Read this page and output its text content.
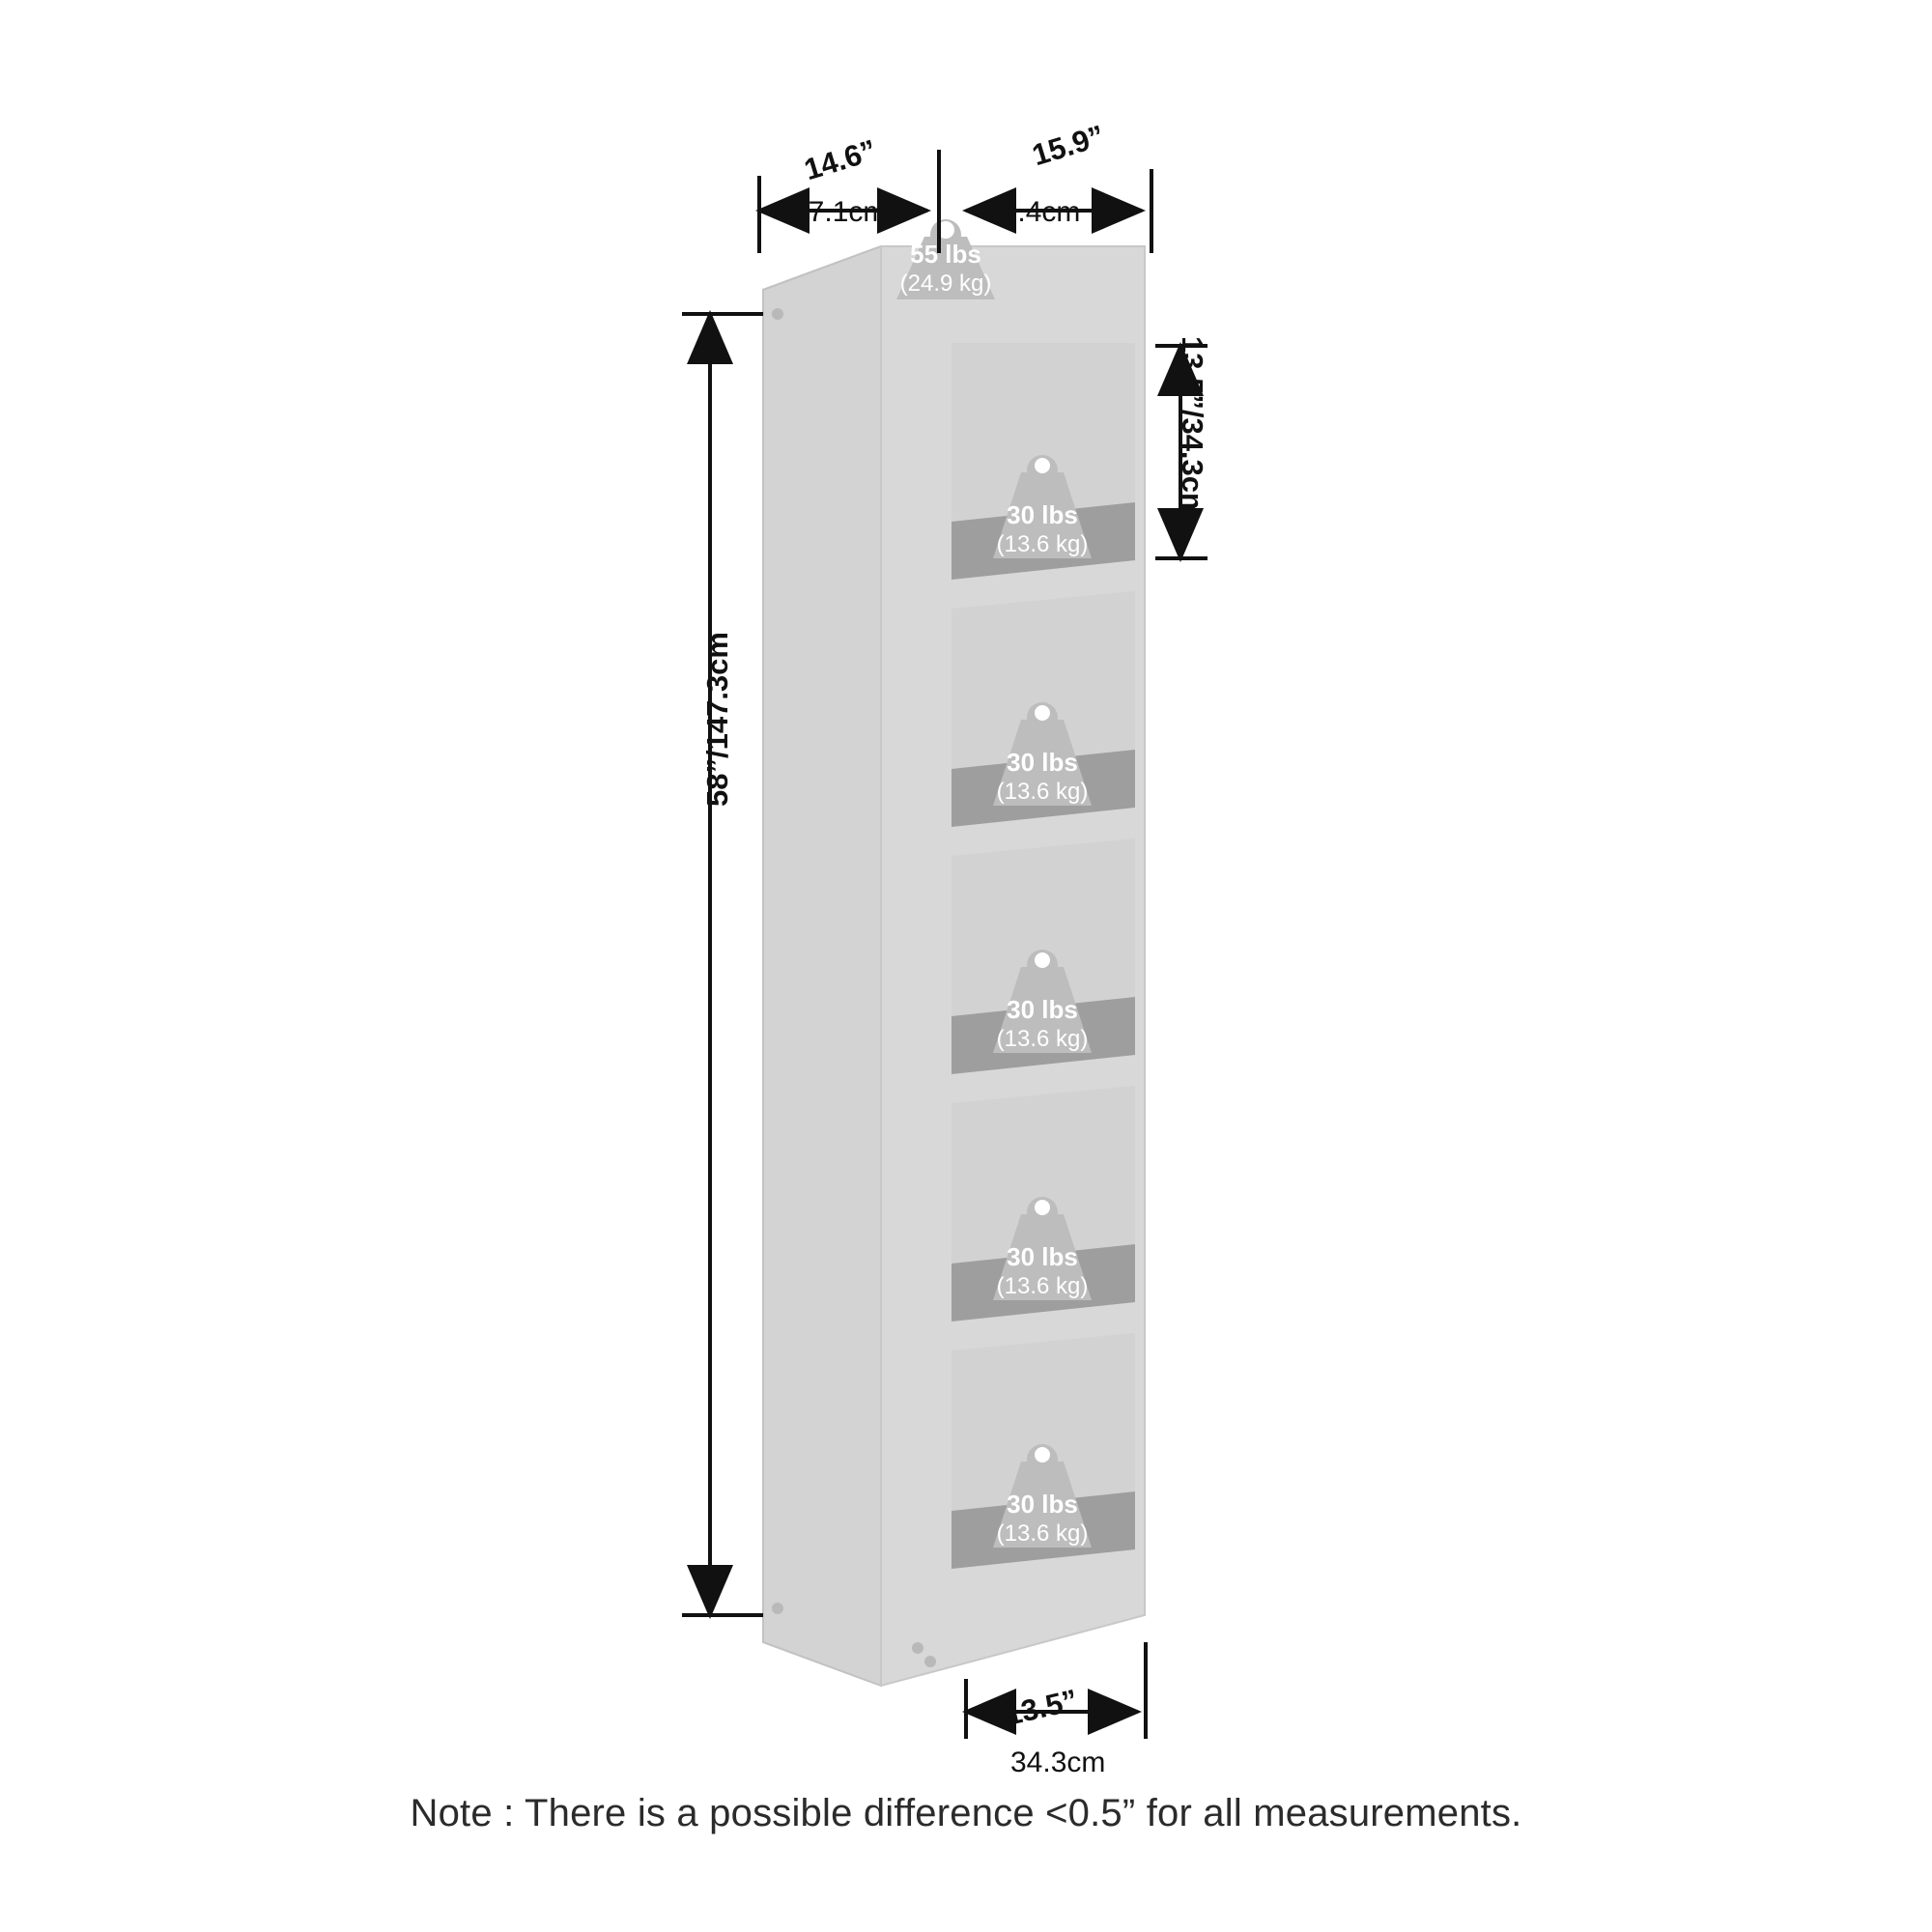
14.6”
37.1cm
15.9”
40.4cm
13.5”/34.3cm
58”/147.3cm
13.5”
34.3cm
55 lbs
(24.9 kg)
30 lbs
(13.6 kg)
30 lbs
(13.6 kg)
30 lbs
(13.6 kg)
30 lbs
(13.6 kg)
30 lbs
(13.6 kg)
Note : There is a possible difference <0.5” for all measurements.
